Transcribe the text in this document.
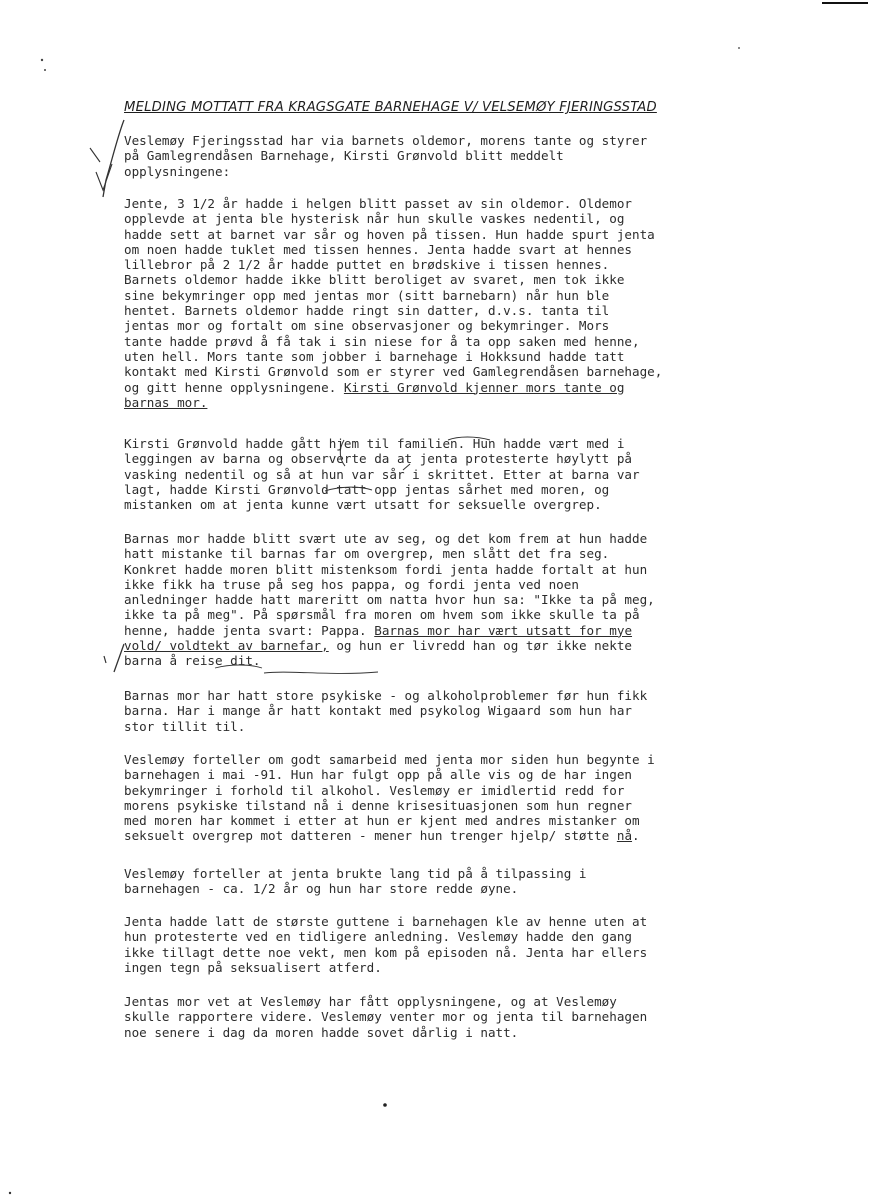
MELDING MOTTATT FRA KRAGSGATE BARNEHAGE V/ VELSEMØY FJERINGSSTAD
Veslemøy Fjeringsstad har via barnets oldemor, morens tante og styrer
på Gamlegrendåsen Barnehage, Kirsti Grønvold blitt meddelt
opplysningene:
Jente, 3 1/2 år hadde i helgen blitt passet av sin oldemor. Oldemor
opplevde at jenta ble hysterisk når hun skulle vaskes nedentil, og
hadde sett at barnet var sår og hoven på tissen. Hun hadde spurt jenta
om noen hadde tuklet med tissen hennes. Jenta hadde svart at hennes
lillebror på 2 1/2 år hadde puttet en brødskive i tissen hennes.
Barnets oldemor hadde ikke blitt beroliget av svaret, men tok ikke
sine bekymringer opp med jentas mor (sitt barnebarn) når hun ble
hentet. Barnets oldemor hadde ringt sin datter, d.v.s. tanta til
jentas mor og fortalt om sine observasjoner og bekymringer. Mors
tante hadde prøvd å få tak i sin niese for å ta opp saken med henne,
uten hell. Mors tante som jobber i barnehage i Hokksund hadde tatt
kontakt med Kirsti Grønvold som er styrer ved Gamlegrendåsen barnehage,
og gitt henne opplysningene. Kirsti Grønvold kjenner mors tante og
barnas mor.
Kirsti Grønvold hadde gått hjem til familien. Hun hadde vært med i
leggingen av barna og observerte da at jenta protesterte høylytt på
vasking nedentil og så at hun var sår i skrittet. Etter at barna var
lagt, hadde Kirsti Grønvold tatt opp jentas sårhet med moren, og
mistanken om at jenta kunne vært utsatt for seksuelle overgrep.
Barnas mor hadde blitt svært ute av seg, og det kom frem at hun hadde
hatt mistanke til barnas far om overgrep, men slått det fra seg.
Konkret hadde moren blitt mistenksom fordi jenta hadde fortalt at hun
ikke fikk ha truse på seg hos pappa, og fordi jenta ved noen
anledninger hadde hatt mareritt om natta hvor hun sa: "Ikke ta på meg,
ikke ta på meg". På spørsmål fra moren om hvem som ikke skulle ta på
henne, hadde jenta svart: Pappa. Barnas mor har vært utsatt for mye
vold/ voldtekt av barnefar, og hun er livredd han og tør ikke nekte
barna å reise dit.
Barnas mor har hatt store psykiske - og alkoholproblemer før hun fikk
barna. Har i mange år hatt kontakt med psykolog Wigaard som hun har
stor tillit til.
Veslemøy forteller om godt samarbeid med jenta mor siden hun begynte i
barnehagen i mai -91. Hun har fulgt opp på alle vis og de har ingen
bekymringer i forhold til alkohol. Veslemøy er imidlertid redd for
morens psykiske tilstand nå i denne krisesituasjonen som hun regner
med moren har kommet i etter at hun er kjent med andres mistanker om
seksuelt overgrep mot datteren - mener hun trenger hjelp/ støtte nå.
Veslemøy forteller at jenta brukte lang tid på å tilpassing i
barnehagen - ca. 1/2 år og hun har store redde øyne.
Jenta hadde latt de største guttene i barnehagen kle av henne uten at
hun protesterte ved en tidligere anledning. Veslemøy hadde den gang
ikke tillagt dette noe vekt, men kom på episoden nå. Jenta har ellers
ingen tegn på seksualisert atferd.
Jentas mor vet at Veslemøy har fått opplysningene, og at Veslemøy
skulle rapportere videre. Veslemøy venter mor og jenta til barnehagen
noe senere i dag da moren hadde sovet dårlig i natt.
